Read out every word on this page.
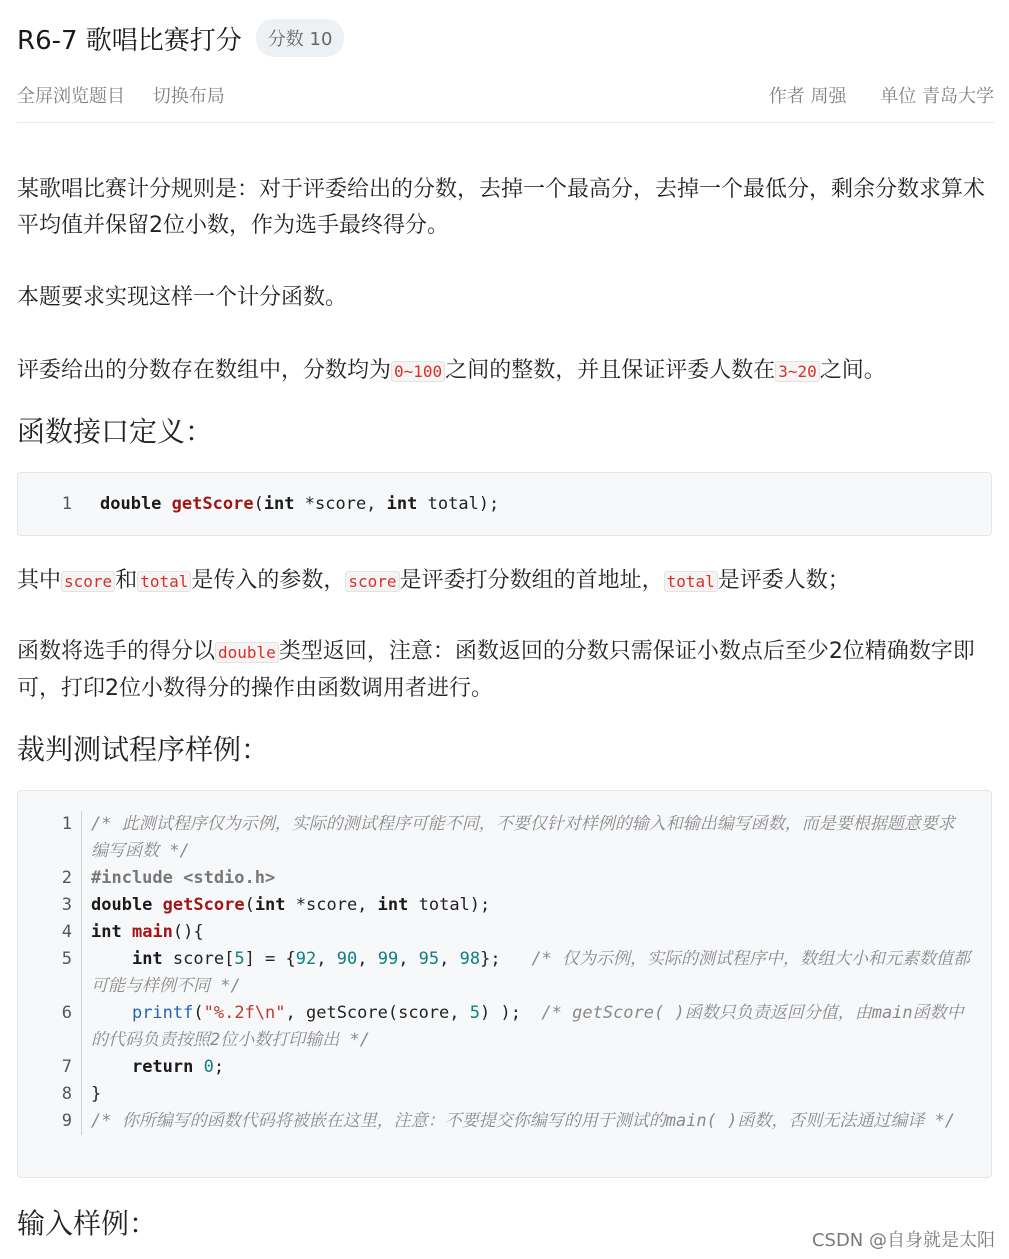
R6-7 歌唱比赛打分	分数 10
全屏浏览题目 切换布局	作者 周强 单位 青岛大学
某歌唱比赛计分规则是：对于评委给出的分数，去掉一个最高分，去掉一个最低分，剩余分数求算术平均值并保留2位小数，作为选手最终得分。
本题要求实现这样一个计分函数。
评委给出的分数存在数组中，分数均为 0~100 之间的整数，并且保证评委人数在 3~20 之间。
函数接口定义：
1	double getScore(int *score, int total);
其中 score 和 total 是传入的参数， score 是评委打分数组的首地址， total 是评委人数；
函数将选手的得分以 double 类型返回，注意：函数返回的分数只需保证小数点后至少2位精确数字即可，打印2位小数得分的操作由函数调用者进行。
裁判测试程序样例：
1	/* 此测试程序仅为示例，实际的测试程序可能不同，不要仅针对样例的输入和输出编写函数，而是要根据题意要求编写函数 */
2	#include <stdio.h>
3	double getScore(int *score, int total);
4	int main(){
5	int score[5] = {92, 90, 99, 95, 98};   /* 仅为示例，实际的测试程序中，数组大小和元素数值都可能与样例不同 */
6	printf("%.2f\n", getScore(score, 5) );  /* getScore( )函数只负责返回分值，由main函数中的代码负责按照2位小数打印输出 */
7	return 0;
8	}
9	/* 你所编写的函数代码将被嵌在这里，注意：不要提交你编写的用于测试的main( )函数，否则无法通过编译 */
输入样例：
CSDN @自身就是太阳
